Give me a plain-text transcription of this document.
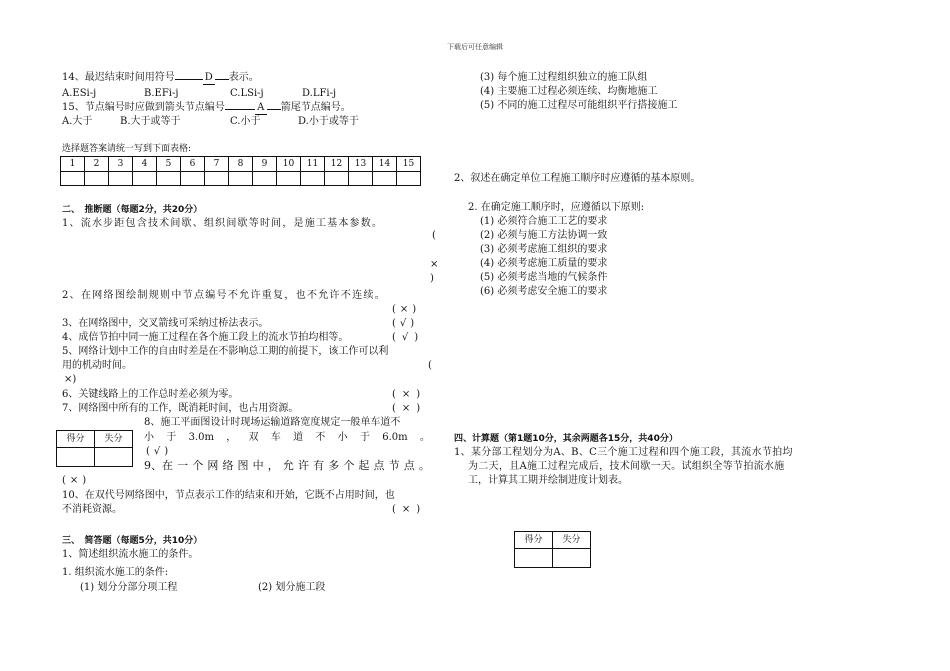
下载后可任意编辑
14、最迟结束时间用符号	D 表示。
A.ESi-j	B.EFi-j	C.LSi-j	D.LFi-j
15、节点编号时应做到箭头节点编号	A 箭尾节点编号。
A.大于	B.大于或等于	C.小于	D.小于或等于
选择题答案请统一写到下面表格:
1	2	3	4	5	6	7	8	9	10	11	12	13	14	15

二、　推断题（每题2分，共20分）
1、流水步距包含技术间歇、组织间歇等时间，是施工基本参数。
(
×
)
2、在网络图绘制规则中节点编号不允许重复，也不允许不连续。
(×)
3、在网络图中，交叉箭线可采纳过桥法表示。	(√)
4、成倍节拍中同一施工过程在各个施工段上的流水节拍均相等。	(√)
5、网络计划中工作的自由时差是在不影响总工期的前提下，该工作可以利
用的机动时间。	(
×)
6、关键线路上的工作总时差必须为零。	(×)
7、网络图中所有的工作，既消耗时间，也占用资源。	(×)
得分	失分

8、施工平面图设计时现场运输道路宽度规定一般单车道不
小 于 3.0m ， 双 车 道 不 小 于 6.0m 。
(√)
9、在 一 个 网 络 图 中 ， 允 许 有 多 个 起 点 节 点 。
(×)
10、在双代号网络图中，节点表示工作的结束和开始，它既不占用时间，也
不消耗资源。	(×)
三、　简答题（每题5分，共10分）
1、简述组织流水施工的条件。
1. 组织流水施工的条件:
(1) 划分分部分项工程	(2) 划分施工段
(3) 每个施工过程组织独立的施工队组
(4) 主要施工过程必须连续、均衡地施工
(5) 不同的施工过程尽可能组织平行搭接施工
2、叙述在确定单位工程施工顺序时应遵循的基本原则。
2. 在确定施工顺序时，应遵循以下原则:
(1) 必须符合施工工艺的要求
(2) 必须与施工方法协调一致
(3) 必须考虑施工组织的要求
(4) 必须考虑施工质量的要求
(5) 必须考虑当地的气候条件
(6) 必须考虑安全施工的要求
四、计算题（第1题10分，其余两题各15分，共40分）
1、某分部工程划分为A、B、C三个施工过程和四个施工段，其流水节拍均
为二天，且A施工过程完成后，技术间歇一天。试组织全等节拍流水施
工，计算其工期并绘制进度计划表。
得分	失分
